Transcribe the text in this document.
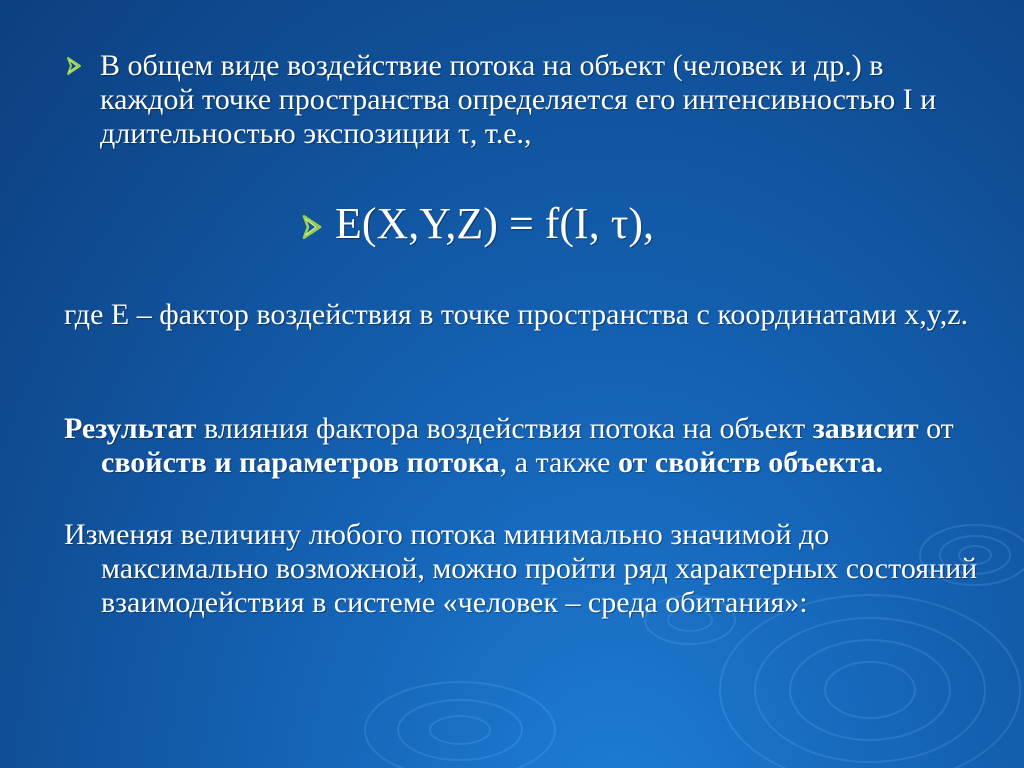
В общем виде воздействие потока на объект (человек и др.) в каждой точке пространства определяется его интенсивностью I и длительностью экспозиции τ, т.е.,
E(X,Y,Z) = f(I, τ),
где Е – фактор воздействия в точке пространства с координатами x,y,z.
Результат влияния фактора воздействия потока на объект зависит от свойств и параметров потока, а также от свойств объекта.
Изменяя величину любого потока минимально значимой до максимально возможной, можно пройти ряд характерных состояний взаимодействия в системе «человек – среда обитания»:
